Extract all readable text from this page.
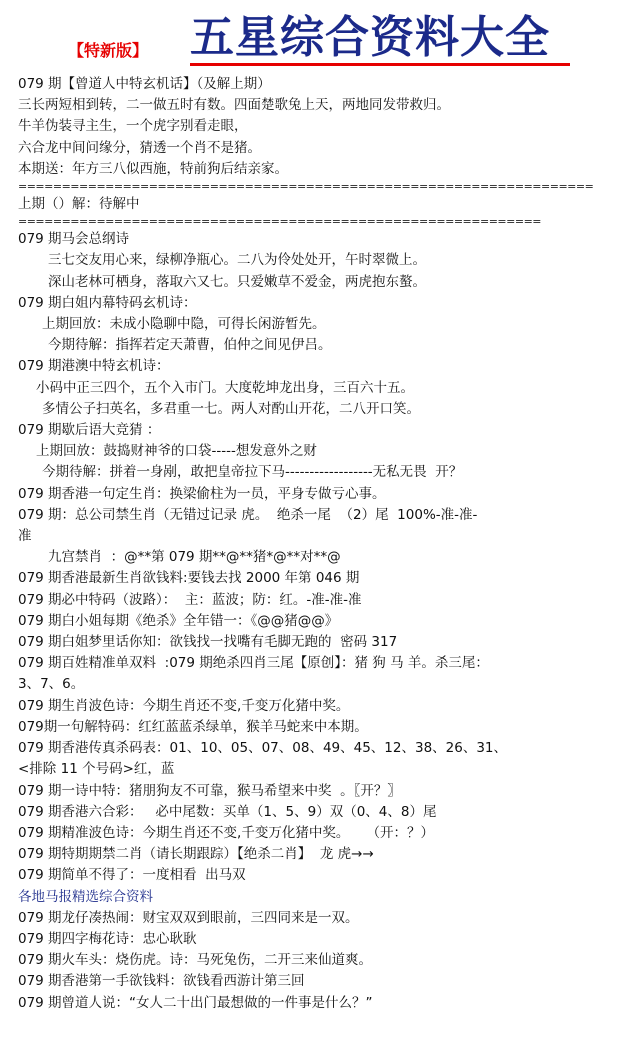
【特新版】 五星综合资料大全
079 期【曾道人中特玄机话】（及解上期）
三长两短相到转，二一做五时有数。四面楚歌兔上天，两地同发带救归。
牛羊伪装寻主生，一个虎字别看走眼，
六合龙中间问缘分，猜透一个肖不是猪。
本期送：年方三八似西施，特前狗后结亲家。
==================================================================
上期（）解：待解中
============================================================
079 期马会总纲诗
三七交友用心来，绿柳净瓶心。二八为伶处处开，午时翠微上。
深山老林可栖身，落取六又七。只爱嫩草不爱金，两虎抱东螯。
079 期白姐内幕特码玄机诗：
上期回放：未成小隐聊中隐，可得长闲游暂先。
今期待解：指挥若定天萧曹，伯仲之间见伊吕。
079 期港澳中特玄机诗：
小码中正三四个，五个入市门。大度乾坤龙出身，三百六十五。
多情公子扫英名，多君重一七。两人对酌山开花，二八开口笑。
079 期歇后语大竞猜 ：
上期回放：鼓捣财神爷的口袋-----想发意外之财
今期待解：拼着一身剐，敢把皇帝拉下马------------------无私无畏  开？
079 期香港一句定生肖：换梁偷柱为一员，平身专做亏心事。
079 期：总公司禁生肖（无错过记录 虎。  绝杀一尾  （2）尾  100%-准-准-
准
九宫禁肖  ：@**第 079 期**@**猪*@**对**@
079 期香港最新生肖欲钱料:要钱去找 2000 年第 046 期
079 期必中特码（波路）：  主：蓝波；防：红。-准-准-准
079 期白小姐每期《绝杀》全年错一：《@@猪@@》
079 期白姐梦里话你知：欲钱找一找嘴有毛脚无跑的  密码 317
079 期百姓精准单双料  :079 期绝杀四肖三尾【原创】：猪 狗 马 羊。杀三尾：
3、7、6。
079 期生肖波色诗：今期生肖还不变,千变万化猪中奖。
079期一句解特码：红红蓝蓝杀绿单，猴羊马蛇来中本期。
079 期香港传真杀码表：01、10、05、07、08、49、45、12、38、26、31、
<排除 11 个号码>红，蓝
079 期一诗中特：猪朋狗友不可靠，猴马希望来中奖  。〖开？〗
079 期香港六合彩：   必中尾数：买单（1、5、9）双（0、4、8）尾
079 期精准波色诗：今期生肖还不变,千变万化猪中奖。    （开：？）
079 期特期期禁二肖（请长期跟踪）【绝杀二肖】  龙 虎→→
079 期简单不得了：一度相看  出马双
各地马报精选综合资料
079 期龙仔凑热闹：财宝双双到眼前，三四同来是一双。
079 期四字梅花诗：忠心耿耿
079 期火车头：烧伤虎。诗：马死兔伤，二开三来仙道爽。
079 期香港第一手欲钱料：欲钱看西游计第三回
079 期曾道人说：“女人二十出门最想做的一件事是什么？”
